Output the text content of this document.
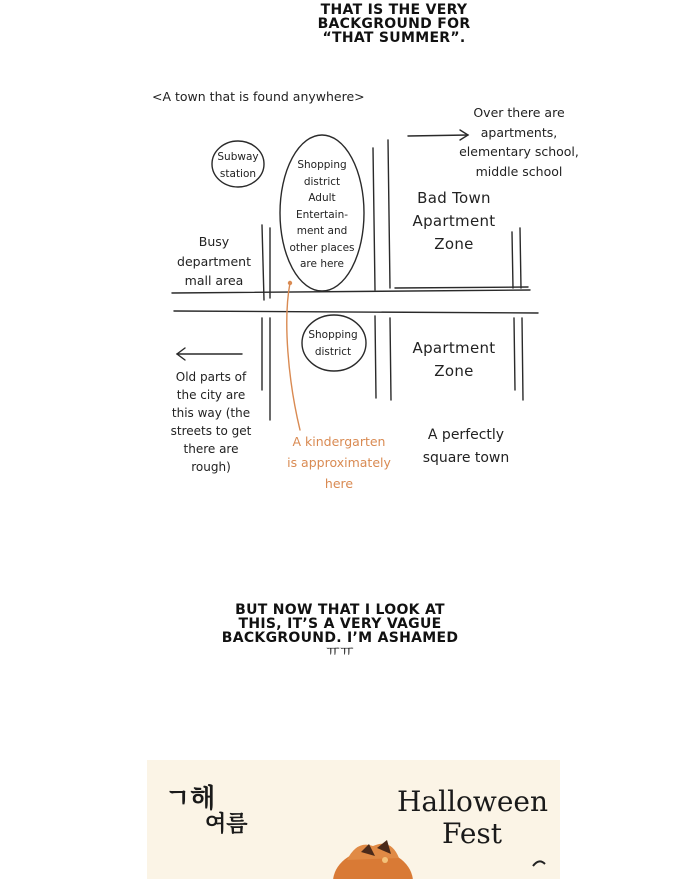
THAT IS THE VERY
BACKGROUND FOR
“THAT SUMMER”.
<A town that is found anywhere>
Subway
station
Shopping
district
Adult
Entertain-
ment and
other places
are here
Over there are
apartments,
elementary school,
middle school
Bad Town
Apartment
Zone
Busy
department
mall area
Shopping
district	Apartment
Zone
Old parts of
the city are
this way (the
streets to get
there are
rough)
A kindergarten
is approximately
here
A perfectly
square town
BUT NOW THAT I LOOK AT
THIS, IT’S A VERY VAGUE
BACKGROUND. I’M ASHAMED
ㅠㅠ
ㄱ해
여름
Halloween
Fest
